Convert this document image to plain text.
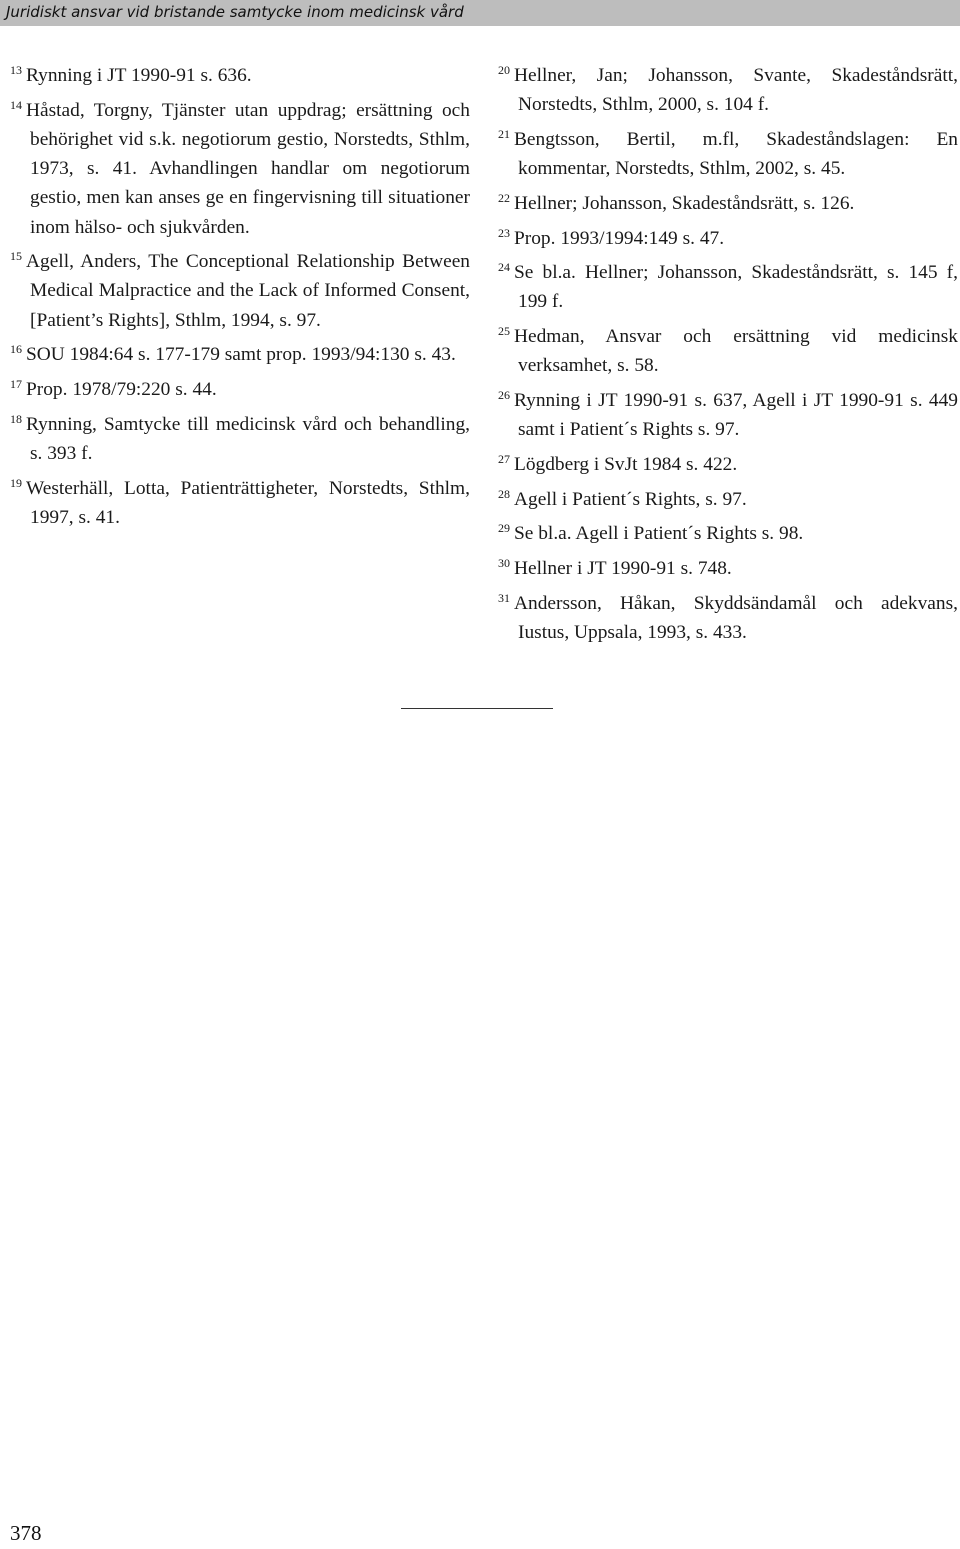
Juridiskt ansvar vid bristande samtycke inom medicinsk vård

$^{13}$ Rynning i JT 1990-91 s. 636.

$^{14}$ Håstad, Torgny, Tjänster utan uppdrag; ersättning och behörighet vid s.k. negotiorum gestio, Norstedts, Sthlm, 1973, s. 41. Avhandlingen handlar om negotiorum gestio, men kan anses ge en fingervisning till situationer inom hälso- och sjukvården.

$^{15}$ Agell, Anders, The Conceptional Relationship Between Medical Malpractice and the Lack of Informed Consent, [Patient’s Rights], Sthlm, 1994, s. 97.

$^{16}$ SOU 1984:64 s. 177-179 samt prop. 1993/94:130 s. 43.

$^{17}$ Prop. 1978/79:220 s. 44.

$^{18}$ Rynning, Samtycke till medicinsk vård och behandling, s. 393 f.

$^{19}$ Westerhäll, Lotta, Patienträttigheter, Norstedts, Sthlm, 1997, s. 41.

$^{20}$ Hellner, Jan; Johansson, Svante, Skadeståndsrätt, Norstedts, Sthlm, 2000, s. 104 f.

$^{21}$ Bengtsson, Bertil, m.fl, Skadeståndslagen: En kommentar, Norstedts, Sthlm, 2002, s. 45.

$^{22}$ Hellner; Johansson, Skadeståndsrätt, s. 126.

$^{23}$ Prop. 1993/1994:149 s. 47.

$^{24}$ Se bl.a. Hellner; Johansson, Skadeståndsrätt, s. 145 f, 199 f.

$^{25}$ Hedman, Ansvar och ersättning vid medicinsk verksamhet, s. 58.

$^{26}$ Rynning i JT 1990-91 s. 637, Agell i JT 1990-91 s. 449 samt i Patient´s Rights s. 97.

$^{27}$ Lögdberg i SvJt 1984 s. 422.

$^{28}$ Agell i Patient´s Rights, s. 97.

$^{29}$ Se bl.a. Agell i Patient´s Rights s. 98.

$^{30}$ Hellner i JT 1990-91 s. 748.

$^{31}$ Andersson, Håkan, Skyddsändamål och adekvans, Iustus, Uppsala, 1993, s. 433.

378
